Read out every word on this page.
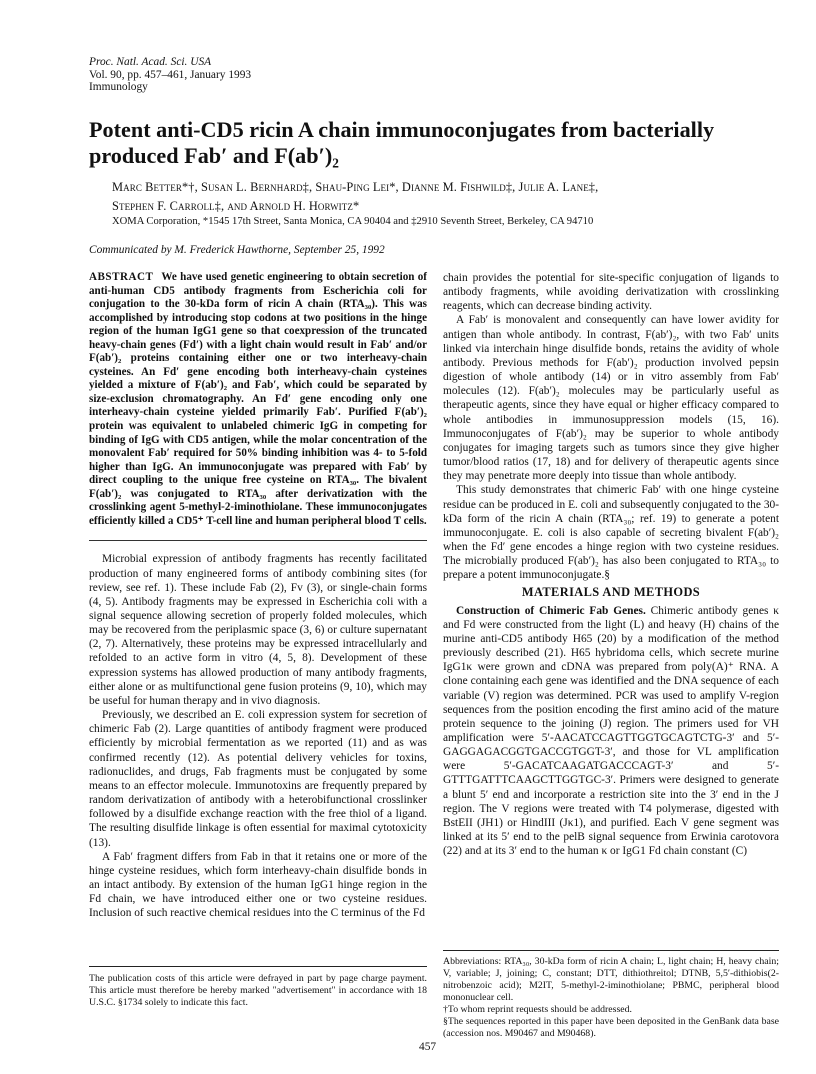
Proc. Natl. Acad. Sci. USA
Vol. 90, pp. 457–461, January 1993
Immunology
Potent anti-CD5 ricin A chain immunoconjugates from bacterially produced Fab′ and F(ab′)₂
Marc Better*†, Susan L. Bernhard‡, Shau-Ping Lei*, Dianne M. Fishwild‡, Julie A. Lane‡,
Stephen F. Carroll‡, and Arnold H. Horwitz*
XOMA Corporation, *1545 17th Street, Santa Monica, CA 90404 and ‡2910 Seventh Street, Berkeley, CA 94710
Communicated by M. Frederick Hawthorne, September 25, 1992

ABSTRACT We have used genetic engineering to obtain secretion of anti-human CD5 antibody fragments from Escherichia coli for conjugation to the 30-kDa form of ricin A chain (RTA₃₀). This was accomplished by introducing stop codons at two positions in the hinge region of the human IgG1 gene so that coexpression of the truncated heavy-chain genes (Fd′) with a light chain would result in Fab′ and/or F(ab′)₂ proteins containing either one or two interheavy-chain cysteines. An Fd′ gene encoding both interheavy-chain cysteines yielded a mixture of F(ab′)₂ and Fab′, which could be separated by size-exclusion chromatography. An Fd′ gene encoding only one interheavy-chain cysteine yielded primarily Fab′. Purified F(ab′)₂ protein was equivalent to unlabeled chimeric IgG in competing for binding of IgG with CD5 antigen, while the molar concentration of the monovalent Fab′ required for 50% binding inhibition was 4- to 5-fold higher than IgG. An immunoconjugate was prepared with Fab′ by direct coupling to the unique free cysteine on RTA₃₀. The bivalent F(ab′)₂ was conjugated to RTA₃₀ after derivatization with the crosslinking agent 5-methyl-2-iminothiolane. These immunoconjugates efficiently killed a CD5⁺ T-cell line and human peripheral blood T cells.

Microbial expression of antibody fragments has recently facilitated production of many engineered forms of antibody combining sites (for review, see ref. 1). These include Fab (2), Fv (3), or single-chain forms (4, 5). Antibody fragments may be expressed in Escherichia coli with a signal sequence allowing secretion of properly folded molecules, which may be recovered from the periplasmic space (3, 6) or culture supernatant (2, 7). Alternatively, these proteins may be expressed intracellularly and refolded to an active form in vitro (4, 5, 8). Development of these expression systems has allowed production of many antibody fragments, either alone or as multifunctional gene fusion proteins (9, 10), which may be useful for human therapy and in vivo diagnosis.

Previously, we described an E. coli expression system for secretion of chimeric Fab (2). Large quantities of antibody fragment were produced efficiently by microbial fermentation as we reported (11) and as was confirmed recently (12). As potential delivery vehicles for toxins, radionuclides, and drugs, Fab fragments must be conjugated by some means to an effector molecule. Immunotoxins are frequently prepared by random derivatization of antibody with a heterobifunctional crosslinker followed by a disulfide exchange reaction with the free thiol of a ligand. The resulting disulfide linkage is often essential for maximal cytotoxicity (13).

A Fab′ fragment differs from Fab in that it retains one or more of the hinge cysteine residues, which form interheavy-chain disulfide bonds in an intact antibody. By extension of the human IgG1 hinge region in the Fd chain, we have introduced either one or two cysteine residues. Inclusion of such reactive chemical residues into the C terminus of the Fd

The publication costs of this article were defrayed in part by page charge payment. This article must therefore be hereby marked "advertisement" in accordance with 18 U.S.C. §1734 solely to indicate this fact.

chain provides the potential for site-specific conjugation of ligands to antibody fragments, while avoiding derivatization with crosslinking reagents, which can decrease binding activity.

A Fab′ is monovalent and consequently can have lower avidity for antigen than whole antibody. In contrast, F(ab′)₂, with two Fab′ units linked via interchain hinge disulfide bonds, retains the avidity of whole antibody. Previous methods for F(ab′)₂ production involved pepsin digestion of whole antibody (14) or in vitro assembly from Fab′ molecules (12). F(ab′)₂ molecules may be particularly useful as therapeutic agents, since they have equal or higher efficacy compared to whole antibodies in immunosuppression models (15, 16). Immunoconjugates of F(ab′)₂ may be superior to whole antibody conjugates for imaging targets such as tumors since they give higher tumor/blood ratios (17, 18) and for delivery of therapeutic agents since they may penetrate more deeply into tissue than whole antibody.

This study demonstrates that chimeric Fab′ with one hinge cysteine residue can be produced in E. coli and subsequently conjugated to the 30-kDa form of the ricin A chain (RTA₃₀; ref. 19) to generate a potent immunoconjugate. E. coli is also capable of secreting bivalent F(ab′)₂ when the Fd′ gene encodes a hinge region with two cysteine residues. The microbially produced F(ab′)₂ has also been conjugated to RTA₃₀ to prepare a potent immunoconjugate.§

MATERIALS AND METHODS

Construction of Chimeric Fab Genes. Chimeric antibody genes κ and Fd were constructed from the light (L) and heavy (H) chains of the murine anti-CD5 antibody H65 (20) by a modification of the method previously described (21). H65 hybridoma cells, which secrete murine IgG1κ were grown and cDNA was prepared from poly(A)⁺ RNA. A clone containing each gene was identified and the DNA sequence of each variable (V) region was determined. PCR was used to amplify V-region sequences from the position encoding the first amino acid of the mature protein sequence to the joining (J) region. The primers used for VH amplification were 5′-AACATCCAGTTGGTGCAGTCTG-3′ and 5′-GAGGAGACGGTGACCGTGGT-3′, and those for VL amplification were 5′-GACATCAAGATGACCCAGT-3′ and 5′-GTTTGATTTCAAGCTTGGTGC-3′. Primers were designed to generate a blunt 5′ end and incorporate a restriction site into the 3′ end in the J region. The V regions were treated with T4 polymerase, digested with BstEII (JH1) or HindIII (Jκ1), and purified. Each V gene segment was linked at its 5′ end to the pelB signal sequence from Erwinia carotovora (22) and at its 3′ end to the human κ or IgG1 Fd chain constant (C)

Abbreviations: RTA₃₀, 30-kDa form of ricin A chain; L, light chain; H, heavy chain; V, variable; J, joining; C, constant; DTT, dithiothreitol; DTNB, 5,5′-dithiobis(2-nitrobenzoic acid); M2IT, 5-methyl-2-iminothiolane; PBMC, peripheral blood mononuclear cell.

†To whom reprint requests should be addressed.

§The sequences reported in this paper have been deposited in the GenBank data base (accession nos. M90467 and M90468).

457
